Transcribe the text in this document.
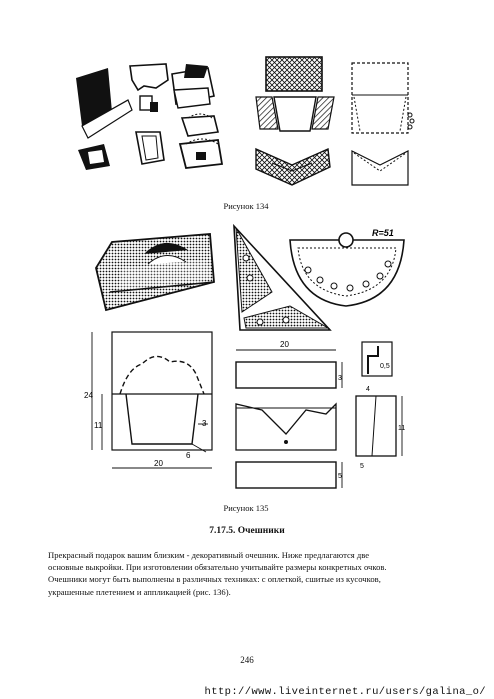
Рисунок 134
R=51
24
11
20
3
6
20
3
4
0,5
11
5
5
Рисунок 135
7.17.5. Очешники
Прекрасный подарок вашим близким - декоративный очешник. Ниже предлагаются две
основные выкройки. При изготовлении обязательно учитывайте размеры конкретных очков.
Очешники могут быть выполнены в различных техниках: с оплеткой, сшитые из кусочков,
украшенные плетением и аппликацией (рис. 136).
246
http://www.liveinternet.ru/users/galina_o/
